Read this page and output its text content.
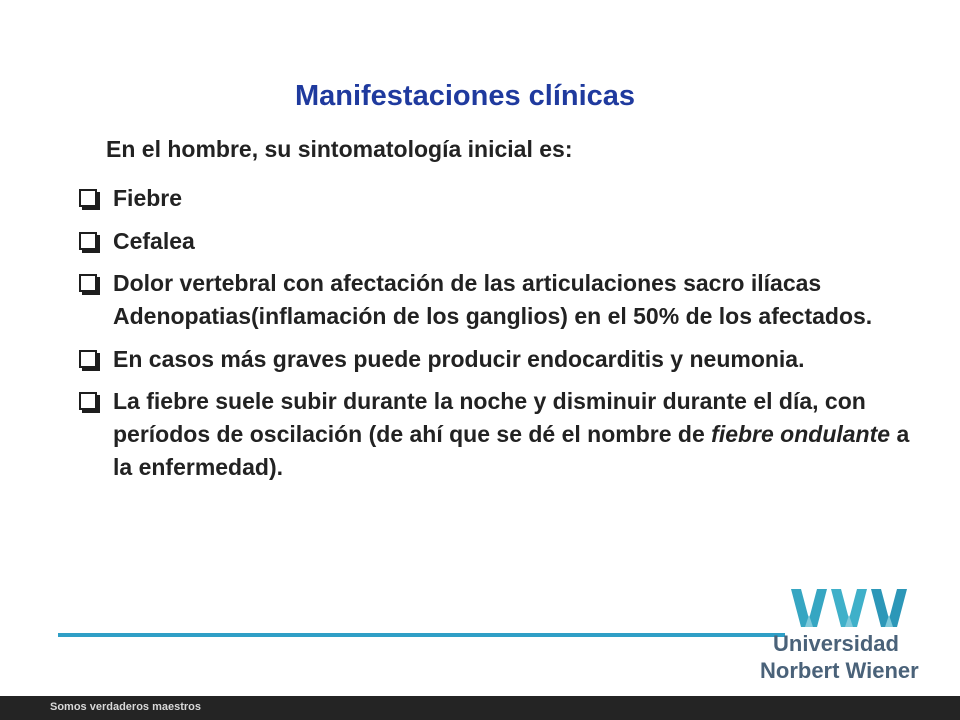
Manifestaciones clínicas
En el hombre, su sintomatología inicial es:
Fiebre
Cefalea
Dolor vertebral con afectación de las articulaciones sacro ilíacas Adenopatias(inflamación de los ganglios) en el 50% de los afectados.
En casos más graves puede producir endocarditis y neumonia.
La fiebre suele subir durante la noche y disminuir durante el día, con períodos de oscilación (de ahí que se dé el nombre de fiebre ondulante a la enfermedad).
Universidad
Norbert Wiener
Somos verdaderos maestros
